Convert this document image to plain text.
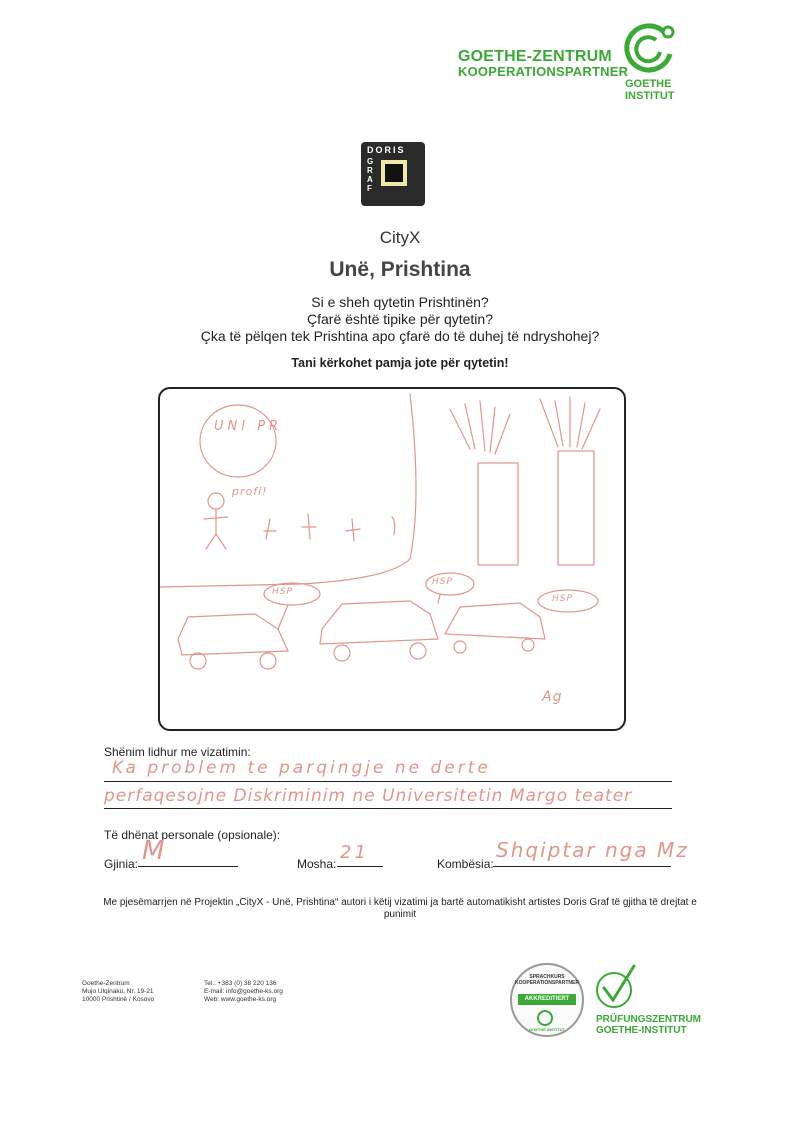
GOETHE-ZENTRUM
KOOPERATIONSPARTNER
GOETHE
INSTITUT
DORIS
G
R
A
F
CityX
Unë, Prishtina
Si e sheh qytetin Prishtinën?
Çfarë është tipike për qytetin?
Çka të pëlqen tek Prishtina apo çfarë do të duhej të ndryshohej?
Tani kërkohet pamja jote për qytetin!
UNI PR
profi!
HSP
HSP
HSP
Ag
Shënim lidhur me vizatimin:
Ka problem te parqingje ne derte
perfaqesojne Diskriminim ne Universitetin Margo teater
Të dhënat personale (opsionale):
Gjinia: M	Mosha:
21
Kombësia:
Shqiptar nga Mz
Me pjesëmarrjen në Projektin „CityX - Unë, Prishtina“ autori i këtij vizatimi ja bartë automatikisht artistes Doris Graf të gjitha të drejtat e punimit
Goethe-Zentrum
Mujo Ulqinaku, Nr. 19-21
10000 Prishtinë / Kosovo
Tel.: +383 (0) 38 220 136
E-mail: info@goethe-ks.org
Web: www.goethe-ks.org
SPRACHKURS KOOPERATIONSPARTNER
AKKREDITIERT
GOETHE INSTITUT
PRÜFUNGSZENTRUM
GOETHE-INSTITUT
